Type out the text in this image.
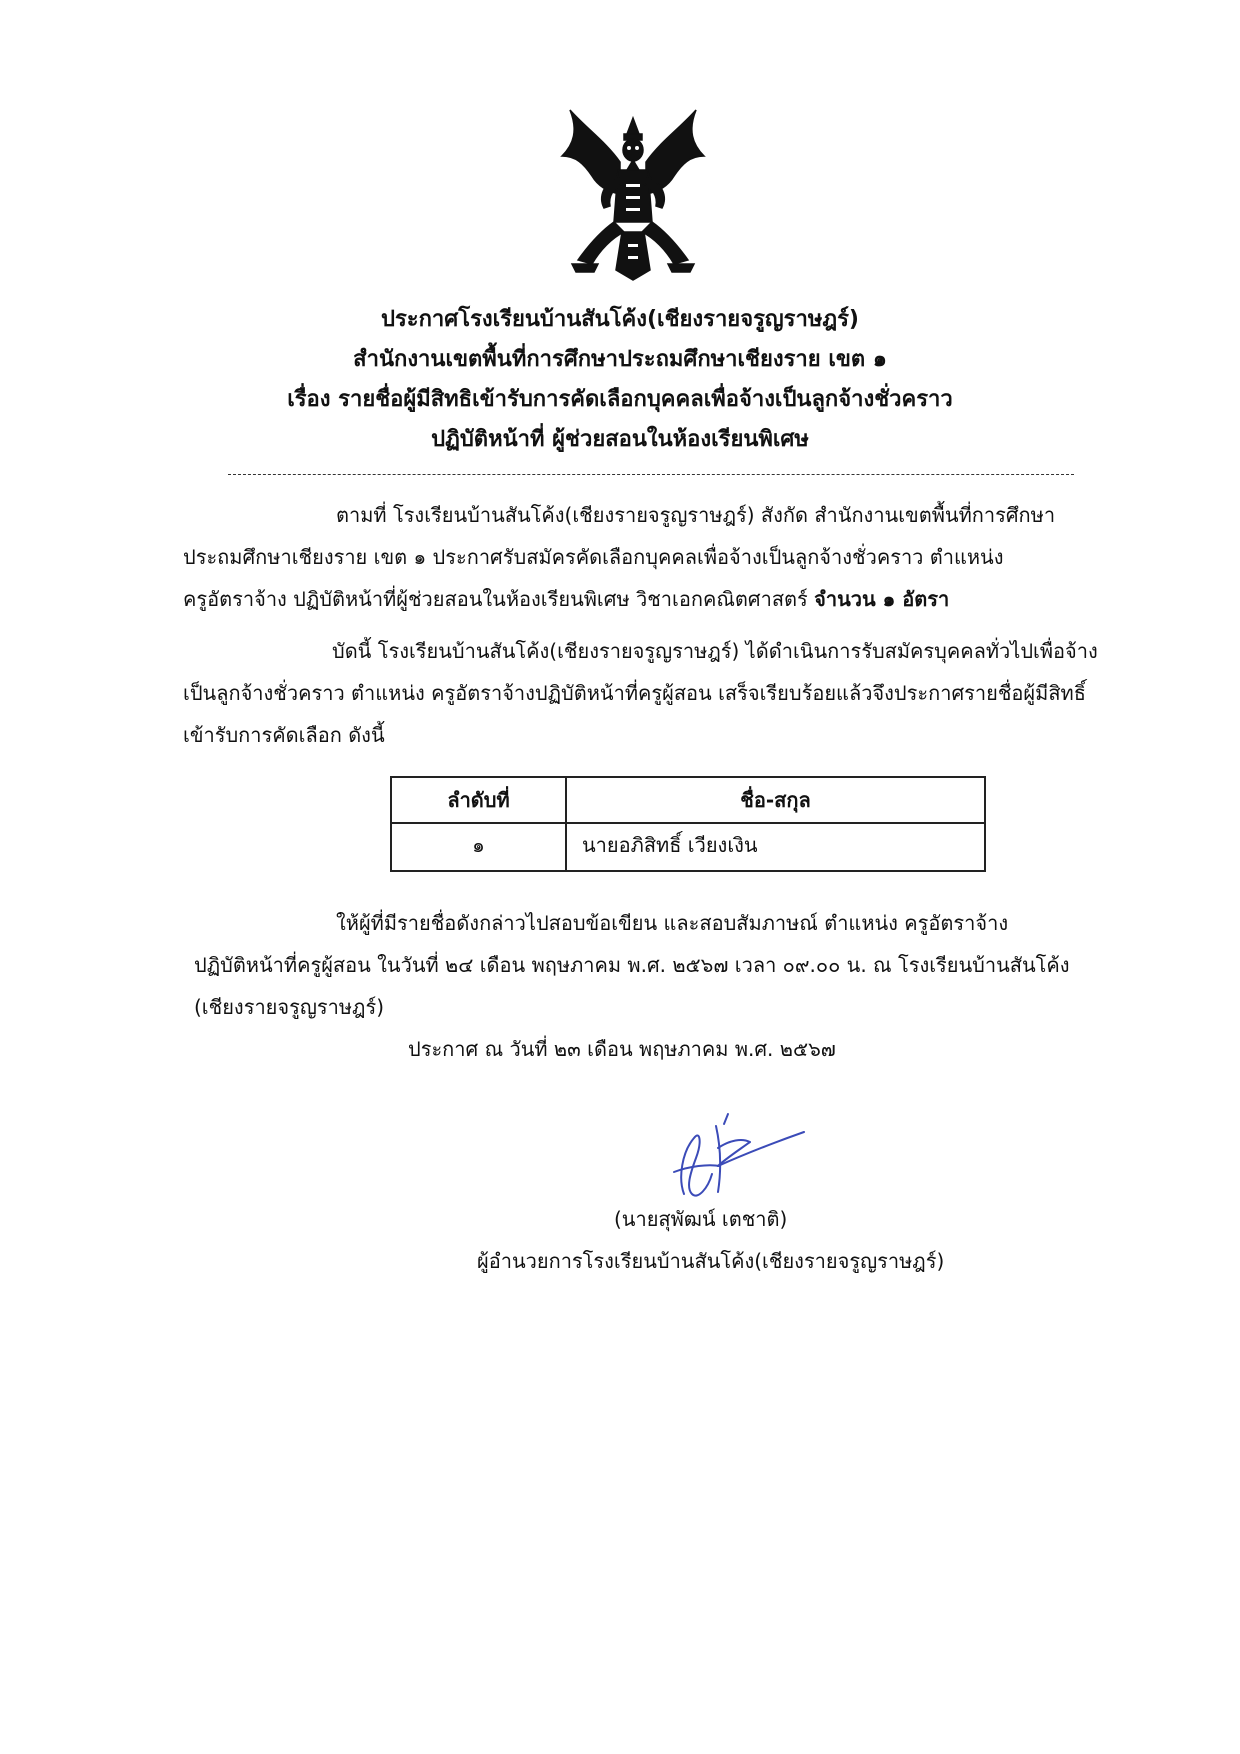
ประกาศโรงเรียนบ้านสันโค้ง(เชียงรายจรูญราษฎร์)

สำนักงานเขตพื้นที่การศึกษาประถมศึกษาเชียงราย เขต ๑

เรื่อง รายชื่อผู้มีสิทธิเข้ารับการคัดเลือกบุคคลเพื่อจ้างเป็นลูกจ้างชั่วคราว

ปฏิบัติหน้าที่ ผู้ช่วยสอนในห้องเรียนพิเศษ

ตามที่ โรงเรียนบ้านสันโค้ง(เชียงรายจรูญราษฎร์) สังกัด สำนักงานเขตพื้นที่การศึกษา
ประถมศึกษาเชียงราย เขต ๑ ประกาศรับสมัครคัดเลือกบุคคลเพื่อจ้างเป็นลูกจ้างชั่วคราว ตำแหน่ง
ครูอัตราจ้าง ปฏิบัติหน้าที่ผู้ช่วยสอนในห้องเรียนพิเศษ วิชาเอกคณิตศาสตร์ จำนวน ๑ อัตรา
บัดนี้ โรงเรียนบ้านสันโค้ง(เชียงรายจรูญราษฎร์) ได้ดำเนินการรับสมัครบุคคลทั่วไปเพื่อจ้าง
เป็นลูกจ้างชั่วคราว ตำแหน่ง ครูอัตราจ้างปฏิบัติหน้าที่ครูผู้สอน เสร็จเรียบร้อยแล้วจึงประกาศรายชื่อผู้มีสิทธิ์
เข้ารับการคัดเลือก ดังนี้
ลำดับที่	ชื่อ-สกุล
๑	นายอภิสิทธิ์ เวียงเงิน
ให้ผู้ที่มีรายชื่อดังกล่าวไปสอบข้อเขียน และสอบสัมภาษณ์ ตำแหน่ง ครูอัตราจ้าง
ปฏิบัติหน้าที่ครูผู้สอน ในวันที่ ๒๔ เดือน พฤษภาคม พ.ศ. ๒๕๖๗ เวลา ๐๙.๐๐ น. ณ โรงเรียนบ้านสันโค้ง
(เชียงรายจรูญราษฎร์)
ประกาศ ณ วันที่ ๒๓ เดือน พฤษภาคม พ.ศ. ๒๕๖๗
(นายสุพัฒน์ เตชาติ)
ผู้อำนวยการโรงเรียนบ้านสันโค้ง(เชียงรายจรูญราษฎร์)
